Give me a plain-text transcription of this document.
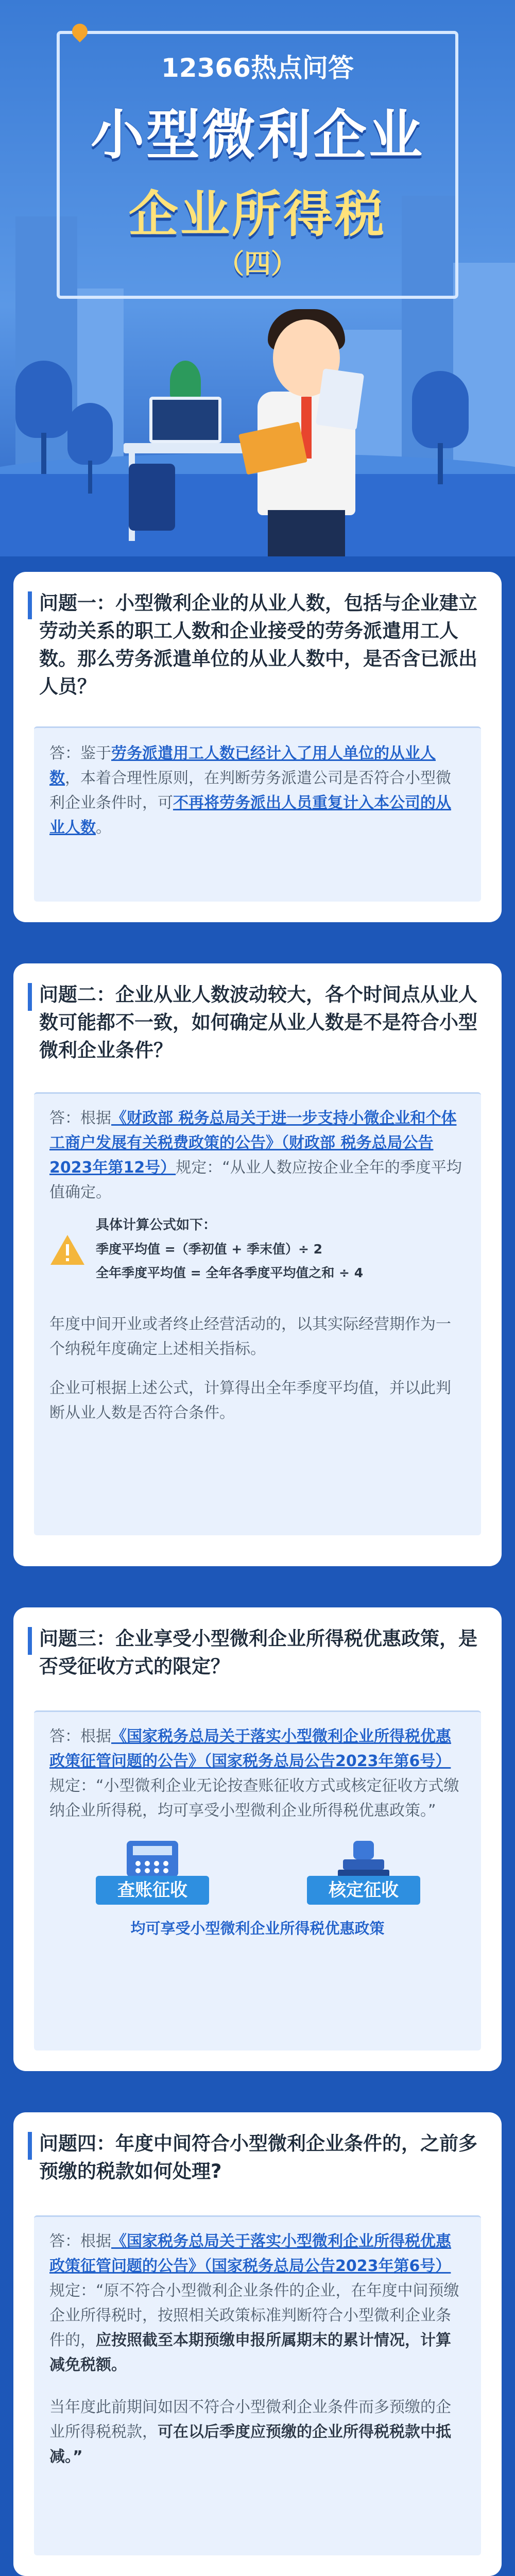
12366热点问答
小型微利企业
企业所得税
（四）
问题一：小型微利企业的从业人数，包括与企业建立劳动关系的职工人数和企业接受的劳务派遣用工人数。那么劳务派遣单位的从业人数中，是否含已派出人员？

答：鉴于劳务派遣用工人数已经计入了用人单位的从业人数，本着合理性原则，在判断劳务派遣公司是否符合小型微利企业条件时，可不再将劳务派出人员重复计入本公司的从业人数。

问题二：企业从业人数波动较大，各个时间点从业人数可能都不一致，如何确定从业人数是不是符合小型微利企业条件？

答：根据《财政部 税务总局关于进一步支持小微企业和个体工商户发展有关税费政策的公告》（财政部 税务总局公告2023年第12号）规定：“从业人数应按企业全年的季度平均值确定。

具体计算公式如下：
季度平均值 =（季初值 + 季末值）÷ 2
全年季度平均值 = 全年各季度平均值之和 ÷ 4

年度中间开业或者终止经营活动的，以其实际经营期作为一个纳税年度确定上述相关指标。

企业可根据上述公式，计算得出全年季度平均值，并以此判断从业人数是否符合条件。

问题三：企业享受小型微利企业所得税优惠政策，是否受征收方式的限定？

答：根据《国家税务总局关于落实小型微利企业所得税优惠政策征管问题的公告》（国家税务总局公告2023年第6号）规定：“小型微利企业无论按查账征收方式或核定征收方式缴纳企业所得税，均可享受小型微利企业所得税优惠政策。”

查账征收	核定征收
均可享受小型微利企业所得税优惠政策
问题四：年度中间符合小型微利企业条件的，之前多预缴的税款如何处理?

答：根据《国家税务总局关于落实小型微利企业所得税优惠政策征管问题的公告》（国家税务总局公告2023年第6号）规定：“原不符合小型微利企业条件的企业，在年度中间预缴企业所得税时，按照相关政策标准判断符合小型微利企业条件的，应按照截至本期预缴申报所属期末的累计情况，计算减免税额。

当年度此前期间如因不符合小型微利企业条件而多预缴的企业所得税税款，可在以后季度应预缴的企业所得税税款中抵减。”
